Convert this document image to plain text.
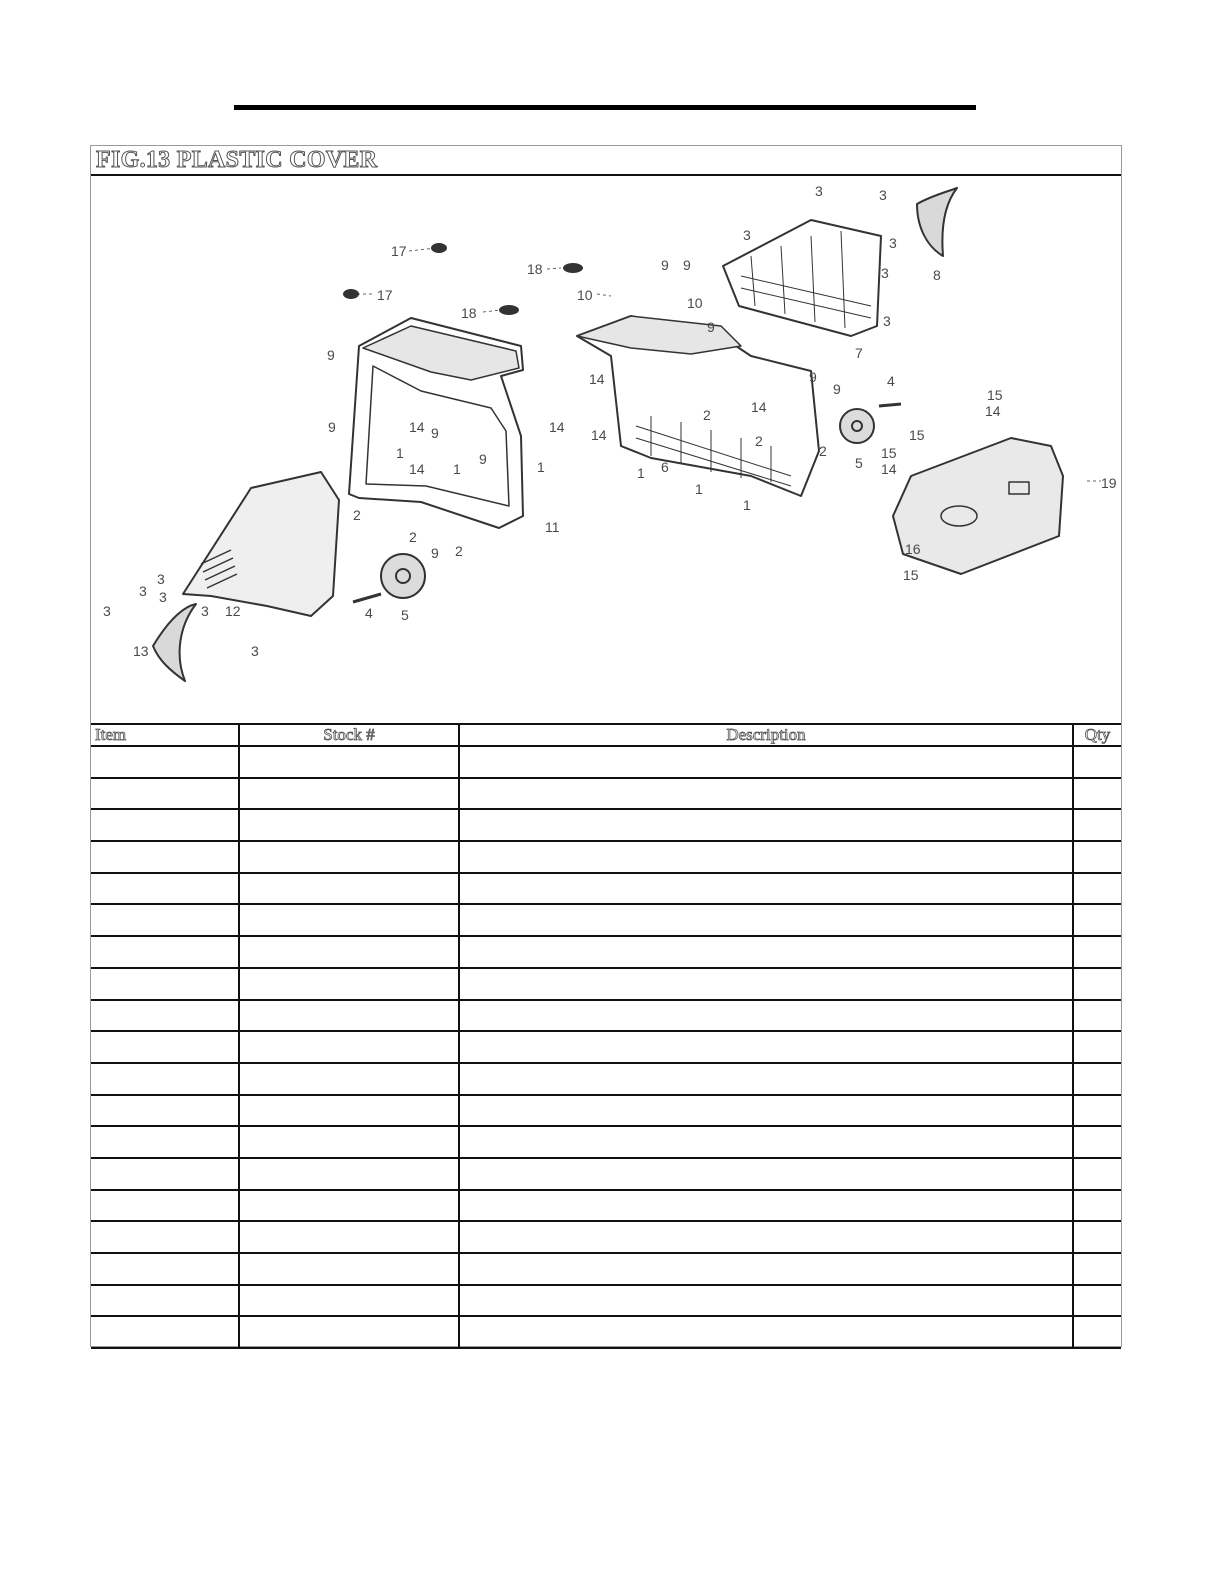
FIG.13 PLASTIC COVER
17
17
18
18
9
9	14 9
14
1
1
9
14
1
2
2
2
9
11
3
3
3
3
3 12
3
4 5
13
10
9 9
10
9
14
14
2
2
1 6
1
1
14
9
9
2
5
4
3	3
3	3
3
3
7
8
15
14
15
15
14
19
16
15
Item	Stock #	Description	Qty
